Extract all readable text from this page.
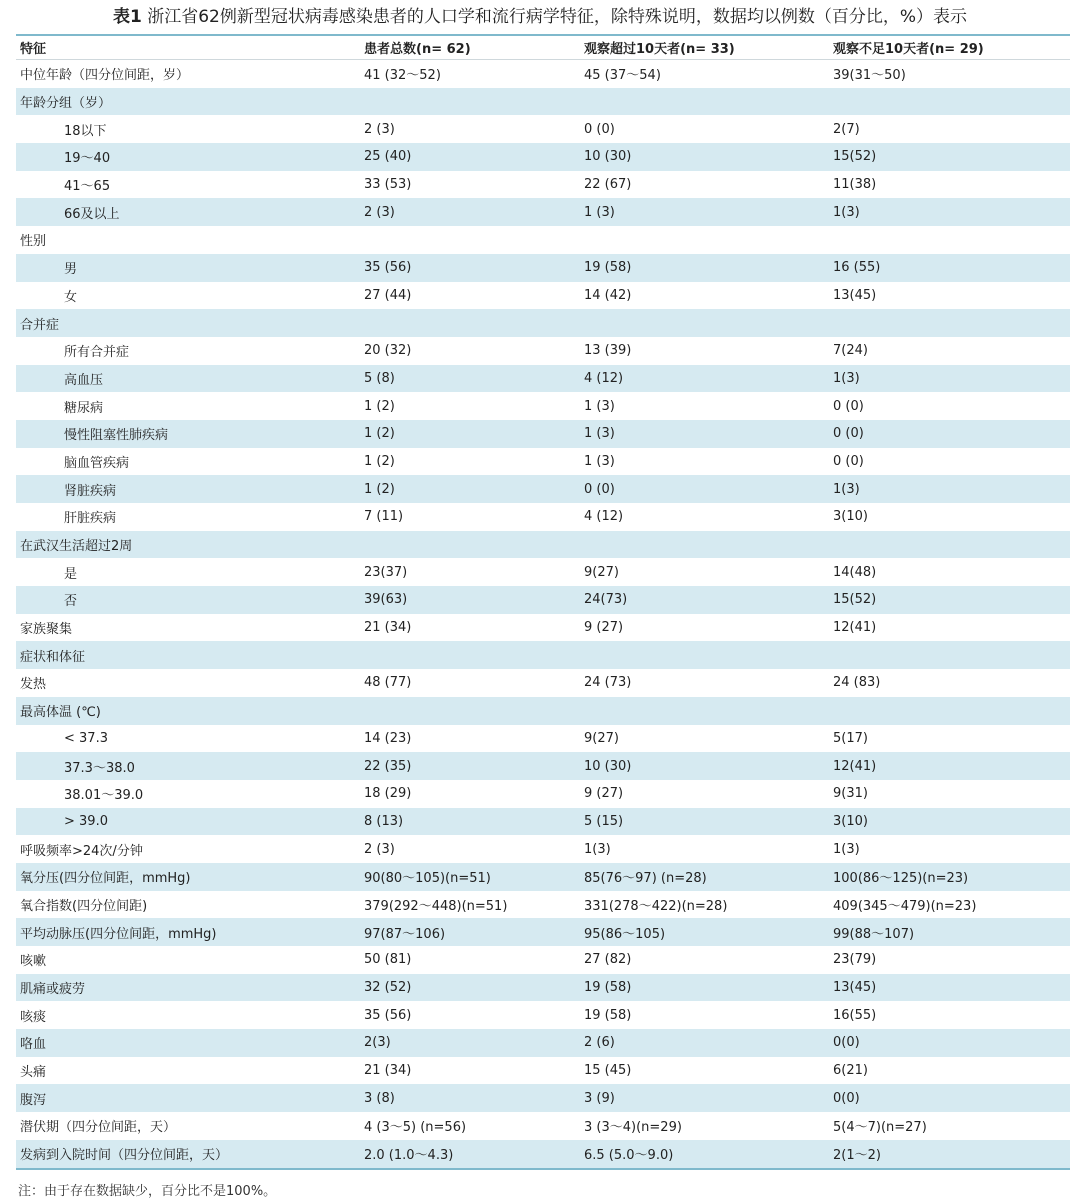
表1 浙江省62例新型冠状病毒感染患者的人口学和流行病学特征，除特殊说明，数据均以例数（百分比，%）表示
特征	患者总数(n= 62)	观察超过10天者(n= 33)	观察不足10天者(n= 29)
中位年龄（四分位间距，岁）	41 (32～52)	45 (37～54)	39(31～50)
年龄分组（岁）
18以下	2 (3)	0 (0)	2(7)
19～40	25 (40)	10 (30)	15(52)
41～65	33 (53)	22 (67)	11(38)
66及以上	2 (3)	1 (3)	1(3)
性别
男	35 (56)	19 (58)	16 (55)
女	27 (44)	14 (42)	13(45)
合并症
所有合并症	20 (32)	13 (39)	7(24)
高血压	5 (8)	4 (12)	1(3)
糖尿病	1 (2)	1 (3)	0 (0)
慢性阻塞性肺疾病	1 (2)	1 (3)	0 (0)
脑血管疾病	1 (2)	1 (3)	0 (0)
肾脏疾病	1 (2)	0 (0)	1(3)
肝脏疾病	7 (11)	4 (12)	3(10)
在武汉生活超过2周
是	23(37)	9(27)	14(48)
否	39(63)	24(73)	15(52)
家族聚集	21 (34)	9 (27)	12(41)
症状和体征
发热	48 (77)	24 (73)	24 (83)
最高体温 (℃)
< 37.3	14 (23)	9(27)	5(17)
37.3～38.0	22 (35)	10 (30)	12(41)
38.01～39.0	18 (29)	9 (27)	9(31)
> 39.0	8 (13)	5 (15)	3(10)
呼吸频率>24次/分钟	2 (3)	1(3)	1(3)
氧分压(四分位间距，mmHg)	90(80～105)(n=51)	85(76～97) (n=28)	100(86～125)(n=23)
氧合指数(四分位间距)	379(292～448)(n=51)	331(278～422)(n=28)	409(345～479)(n=23)
平均动脉压(四分位间距，mmHg)	97(87～106)	95(86～105)	99(88～107)
咳嗽	50 (81)	27 (82)	23(79)
肌痛或疲劳	32 (52)	19 (58)	13(45)
咳痰	35 (56)	19 (58)	16(55)
咯血	2(3)	2 (6)	0(0)
头痛	21 (34)	15 (45)	6(21)
腹泻	3 (8)	3 (9)	0(0)
潜伏期（四分位间距，天）	4 (3～5) (n=56)	3 (3～4)(n=29)	5(4～7)(n=27)
发病到入院时间（四分位间距，天）	2.0 (1.0～4.3)	6.5 (5.0～9.0)	2(1～2)
注：由于存在数据缺少，百分比不是100%。
